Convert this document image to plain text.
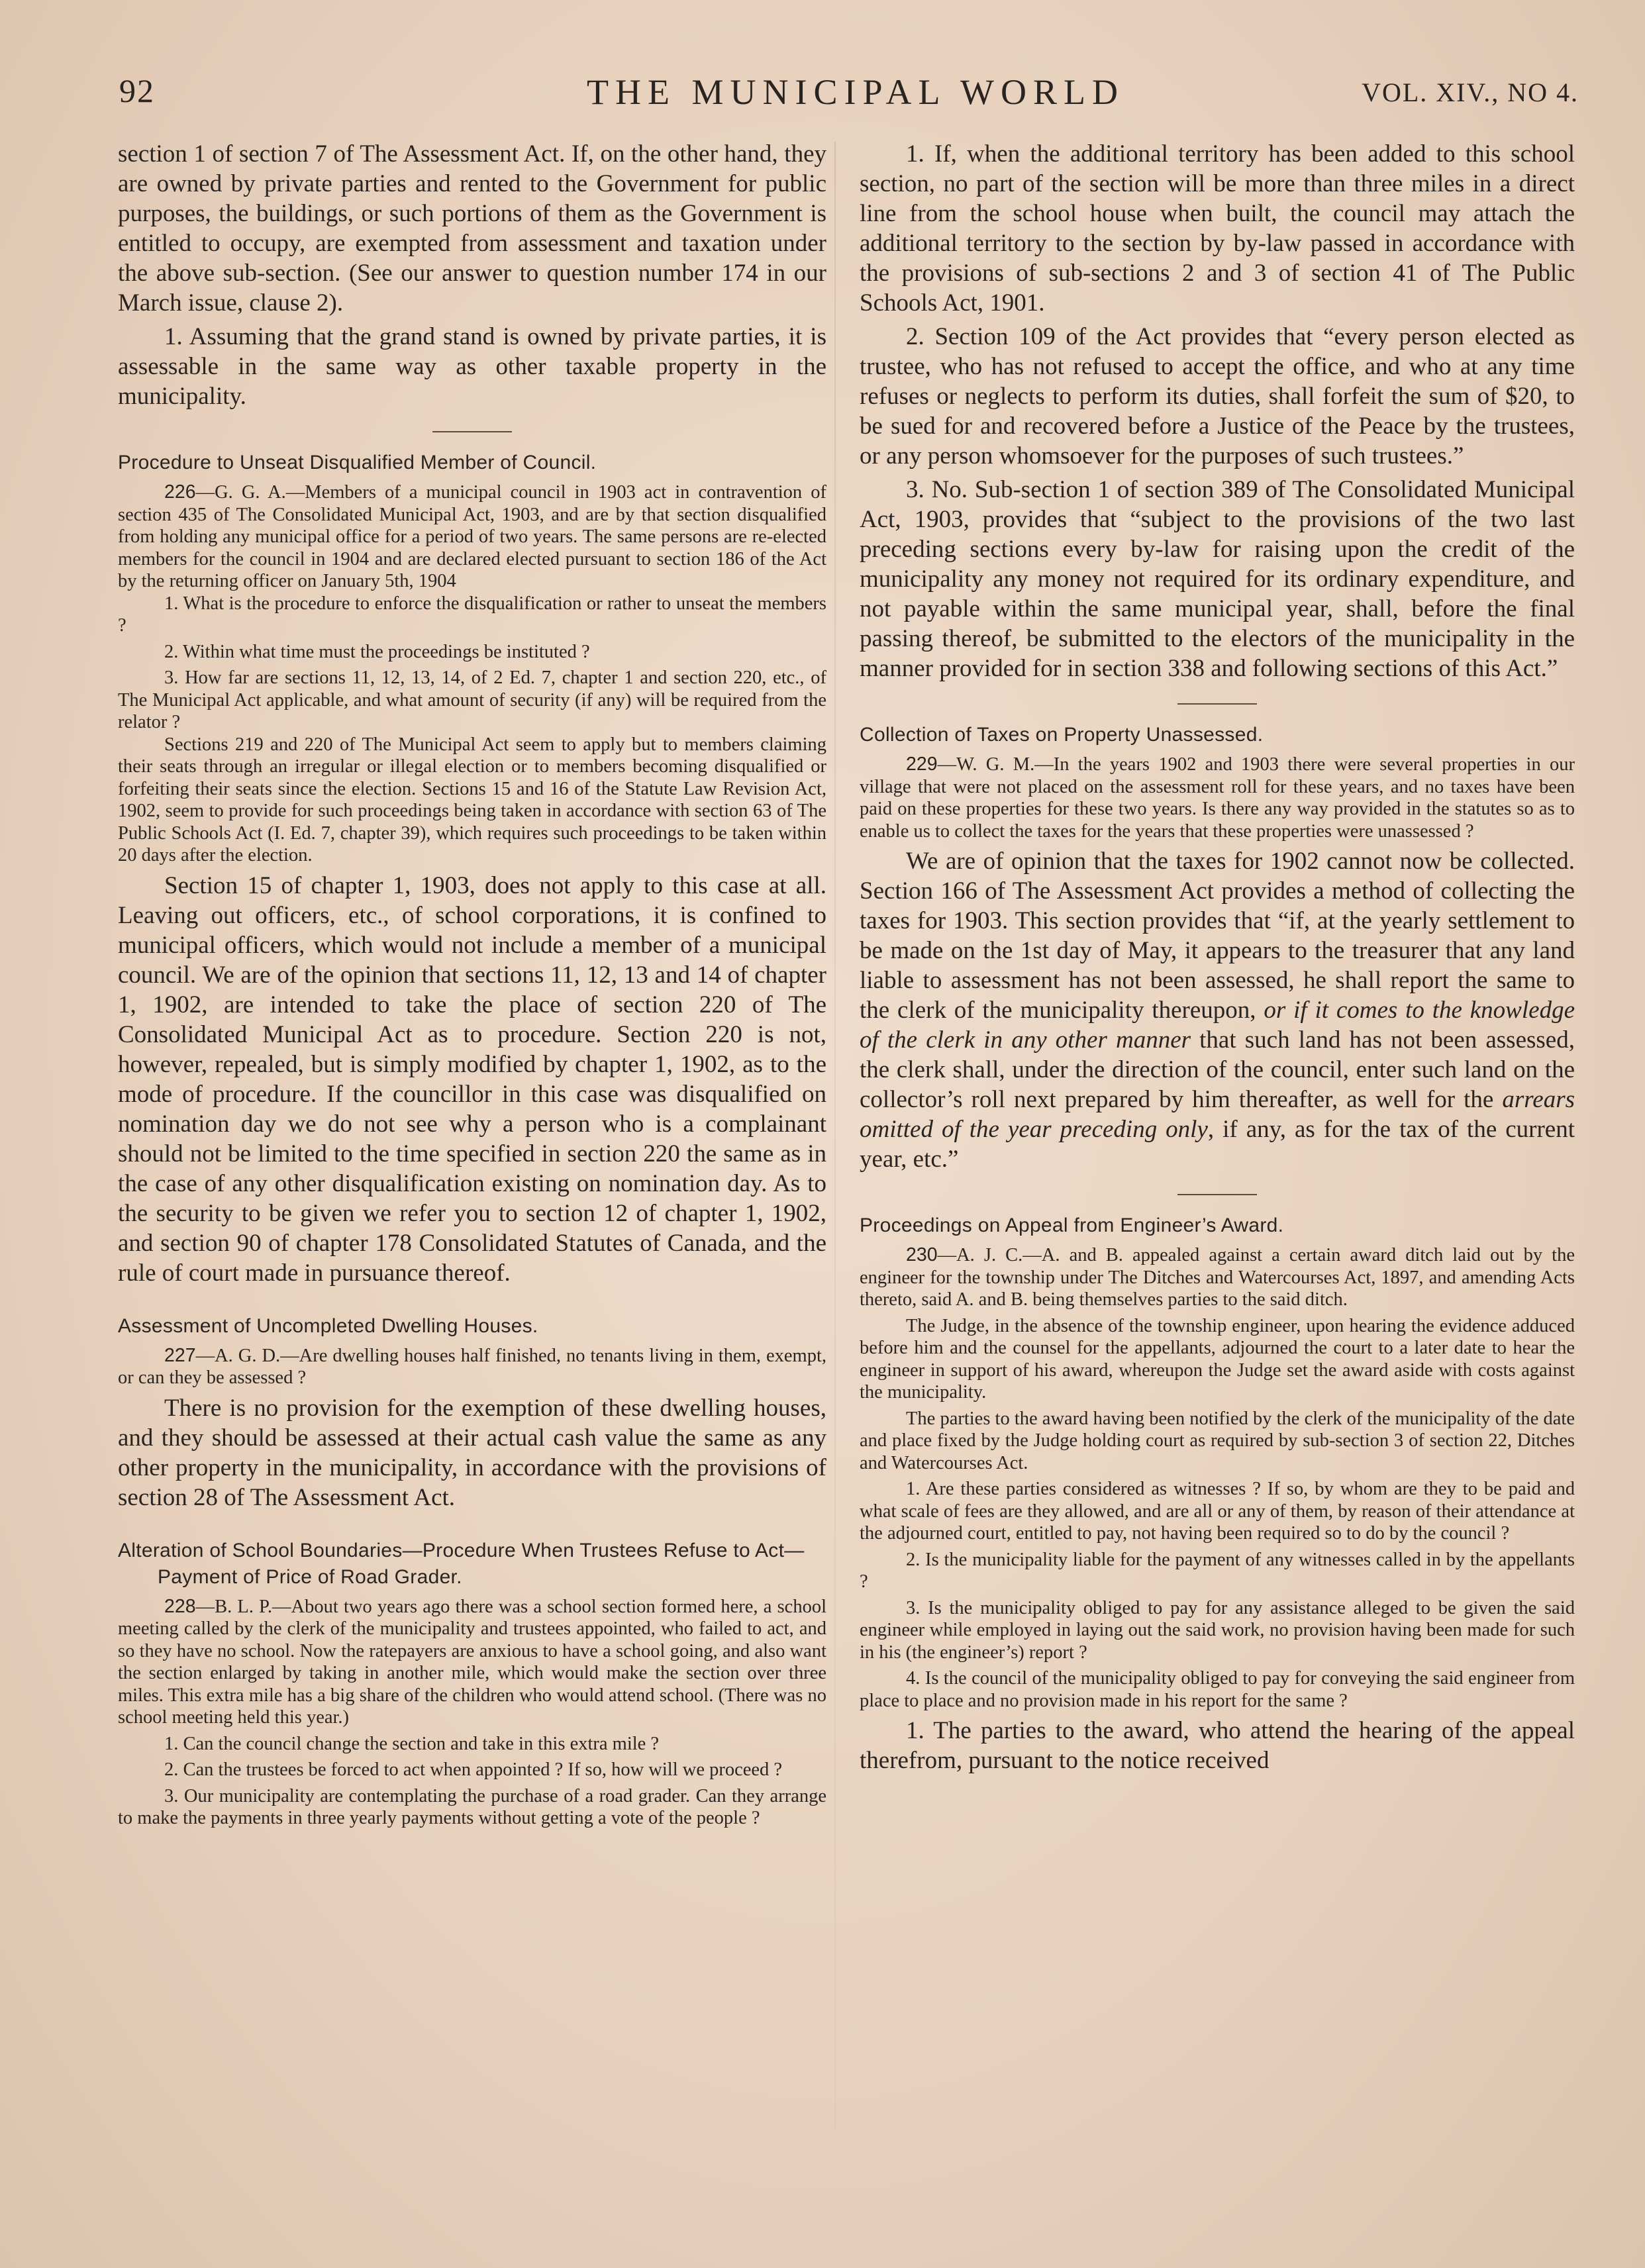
92	THE MUNICIPAL WORLD	VOL. XIV., NO 4.

section 1 of section 7 of The Assessment Act. If, on the other hand, they are owned by private parties and rented to the Government for public purposes, the buildings, or such portions of them as the Government is entitled to occupy, are exempted from assessment and taxation under the above sub-section. (See our answer to question number 174 in our March issue, clause 2).

1. Assuming that the grand stand is owned by private parties, it is assessable in the same way as other taxable property in the municipality.

Procedure to Unseat Disqualified Member of Council.

226—G. G. A.—Members of a municipal council in 1903 act in contravention of section 435 of The Consolidated Municipal Act, 1903, and are by that section disqualified from holding any municipal office for a period of two years. The same persons are re-elected members for the council in 1904 and are declared elected pursuant to section 186 of the Act by the returning officer on January 5th, 1904

1. What is the procedure to enforce the disqualification or rather to unseat the members ?

2. Within what time must the proceedings be instituted ?

3. How far are sections 11, 12, 13, 14, of 2 Ed. 7, chapter 1 and section 220, etc., of The Municipal Act applicable, and what amount of security (if any) will be required from the relator ?

Sections 219 and 220 of The Municipal Act seem to apply but to members claiming their seats through an irregular or illegal election or to members becoming disqualified or forfeiting their seats since the election. Sections 15 and 16 of the Statute Law Revision Act, 1902, seem to provide for such proceedings being taken in accordance with section 63 of The Public Schools Act (I. Ed. 7, chapter 39), which requires such proceedings to be taken within 20 days after the election.

Section 15 of chapter 1, 1903, does not apply to this case at all. Leaving out officers, etc., of school corporations, it is confined to municipal officers, which would not include a member of a municipal council. We are of the opinion that sections 11, 12, 13 and 14 of chapter 1, 1902, are intended to take the place of section 220 of The Consolidated Municipal Act as to procedure. Section 220 is not, however, repealed, but is simply modified by chapter 1, 1902, as to the mode of procedure. If the councillor in this case was disqualified on nomination day we do not see why a person who is a complainant should not be limited to the time specified in section 220 the same as in the case of any other disqualification existing on nomination day. As to the security to be given we refer you to section 12 of chapter 1, 1902, and section 90 of chapter 178 Consolidated Statutes of Canada, and the rule of court made in pursuance thereof.

Assessment of Uncompleted Dwelling Houses.

227—A. G. D.—Are dwelling houses half finished, no tenants living in them, exempt, or can they be assessed ?

There is no provision for the exemption of these dwelling houses, and they should be assessed at their actual cash value the same as any other property in the municipality, in accordance with the provisions of section 28 of The Assessment Act.

Alteration of School Boundaries—Procedure When Trustees Refuse to Act—Payment of Price of Road Grader.

228—B. L. P.—About two years ago there was a school section formed here, a school meeting called by the clerk of the municipality and trustees appointed, who failed to act, and so they have no school. Now the ratepayers are anxious to have a school going, and also want the section enlarged by taking in another mile, which would make the section over three miles. This extra mile has a big share of the children who would attend school. (There was no school meeting held this year.)

1. Can the council change the section and take in this extra mile ?

2. Can the trustees be forced to act when appointed ? If so, how will we proceed ?

3. Our municipality are contemplating the purchase of a road grader. Can they arrange to make the payments in three yearly payments without getting a vote of the people ?

1. If, when the additional territory has been added to this school section, no part of the section will be more than three miles in a direct line from the school house when built, the council may attach the additional territory to the section by by-law passed in accordance with the provisions of sub-sections 2 and 3 of section 41 of The Public Schools Act, 1901.

2. Section 109 of the Act provides that “every person elected as trustee, who has not refused to accept the office, and who at any time refuses or neglects to perform its duties, shall forfeit the sum of $20, to be sued for and recovered before a Justice of the Peace by the trustees, or any person whomsoever for the purposes of such trustees.”

3. No. Sub-section 1 of section 389 of The Consolidated Municipal Act, 1903, provides that “subject to the provisions of the two last preceding sections every by-law for raising upon the credit of the municipality any money not required for its ordinary expenditure, and not payable within the same municipal year, shall, before the final passing thereof, be submitted to the electors of the municipality in the manner provided for in section 338 and following sections of this Act.”

Collection of Taxes on Property Unassessed.

229—W. G. M.—In the years 1902 and 1903 there were several properties in our village that were not placed on the assessment roll for these years, and no taxes have been paid on these properties for these two years. Is there any way provided in the statutes so as to enable us to collect the taxes for the years that these properties were unassessed ?

We are of opinion that the taxes for 1902 cannot now be collected. Section 166 of The Assessment Act provides a method of collecting the taxes for 1903. This section provides that “if, at the yearly settlement to be made on the 1st day of May, it appears to the treasurer that any land liable to assessment has not been assessed, he shall report the same to the clerk of the municipality thereupon, or if it comes to the knowledge of the clerk in any other manner that such land has not been assessed, the clerk shall, under the direction of the council, enter such land on the collector’s roll next prepared by him thereafter, as well for the arrears omitted of the year preceding only, if any, as for the tax of the current year, etc.”

Proceedings on Appeal from Engineer’s Award.

230—A. J. C.—A. and B. appealed against a certain award ditch laid out by the engineer for the township under The Ditches and Watercourses Act, 1897, and amending Acts thereto, said A. and B. being themselves parties to the said ditch.

The Judge, in the absence of the township engineer, upon hearing the evidence adduced before him and the counsel for the appellants, adjourned the court to a later date to hear the engineer in support of his award, whereupon the Judge set the award aside with costs against the municipality.

The parties to the award having been notified by the clerk of the municipality of the date and place fixed by the Judge holding court as required by sub-section 3 of section 22, Ditches and Watercourses Act.

1. Are these parties considered as witnesses ? If so, by whom are they to be paid and what scale of fees are they allowed, and are all or any of them, by reason of their attendance at the adjourned court, entitled to pay, not having been required so to do by the council ?

2. Is the municipality liable for the payment of any witnesses called in by the appellants ?

3. Is the municipality obliged to pay for any assistance alleged to be given the said engineer while employed in laying out the said work, no provision having been made for such in his (the engineer’s) report ?

4. Is the council of the municipality obliged to pay for conveying the said engineer from place to place and no provision made in his report for the same ?

1. The parties to the award, who attend the hearing of the appeal therefrom, pursuant to the notice received
